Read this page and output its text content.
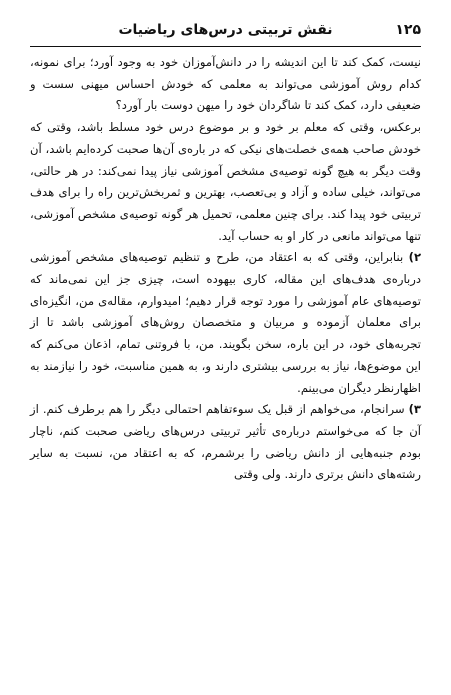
۱۲۵
نقش تربیتی درس‌های ریاضیات

نیست، کمک کند تا این اندیشه را در دانش‌آموزان خود به وجود آورد؛ برای نمونه، کدام روش آموزشی می‌تواند به معلمی که خودش احساس میهنی سست و ضعیفی دارد، کمک کند تا شاگردان خود را میهن دوست بار آورد؟

برعکس، وقتی که معلم بر خود و بر موضوع درس خود مسلط باشد، وقتی که خودش صاحب همه‌ی خصلت‌های نیکی که در باره‌ی آن‌ها صحبت کرده‌ایم باشد، آن وقت دیگر به هیچ گونه توصیه‌ی مشخص آموزشی نیاز پیدا نمی‌کند: در هر حالتی، می‌تواند، خیلی ساده و آزاد و بی‌تعصب، بهترین و ثمربخش‌ترین راه را برای هدف تربیتی خود پیدا کند. برای چنین معلمی، تحمیل هر گونه توصیه‌ی مشخص آموزشی، تنها می‌تواند مانعی در کار او به حساب آید.

۲) بنابراین، وقتی که به اعتقاد من، طرح و تنظیم توصیه‌های مشخص آموزشی درباره‌ی هدف‌های این مقاله، کاری بیهوده است، چیزی جز این نمی‌ماند که توصیه‌های عام آموزشی را مورد توجه قرار دهیم؛ امیدوارم، مقاله‌ی من، انگیزه‌ای برای معلمان آزموده و مربیان و متخصصان روش‌های آموزشی باشد تا از تجربه‌های خود، در این باره، سخن بگویند. من، با فروتنی تمام، اذعان می‌کنم که این موضوع‌ها، نیاز به بررسی بیشتری دارند و، به همین مناسبت، خود را نیازمند به اظهارنظر دیگران می‌بینم.

۳) سرانجام، می‌خواهم از قبل یک سوء‌تفاهم احتمالی دیگر را هم برطرف کنم. از آن جا که می‌خواستم درباره‌ی تأثیر تربیتی درس‌های ریاضی صحبت کنم، ناچار بودم جنبه‌هایی از دانش ریاضی را برشمرم، که به اعتقاد من، نسبت به سایر رشته‌های دانش برتری دارند. ولی وقتی
